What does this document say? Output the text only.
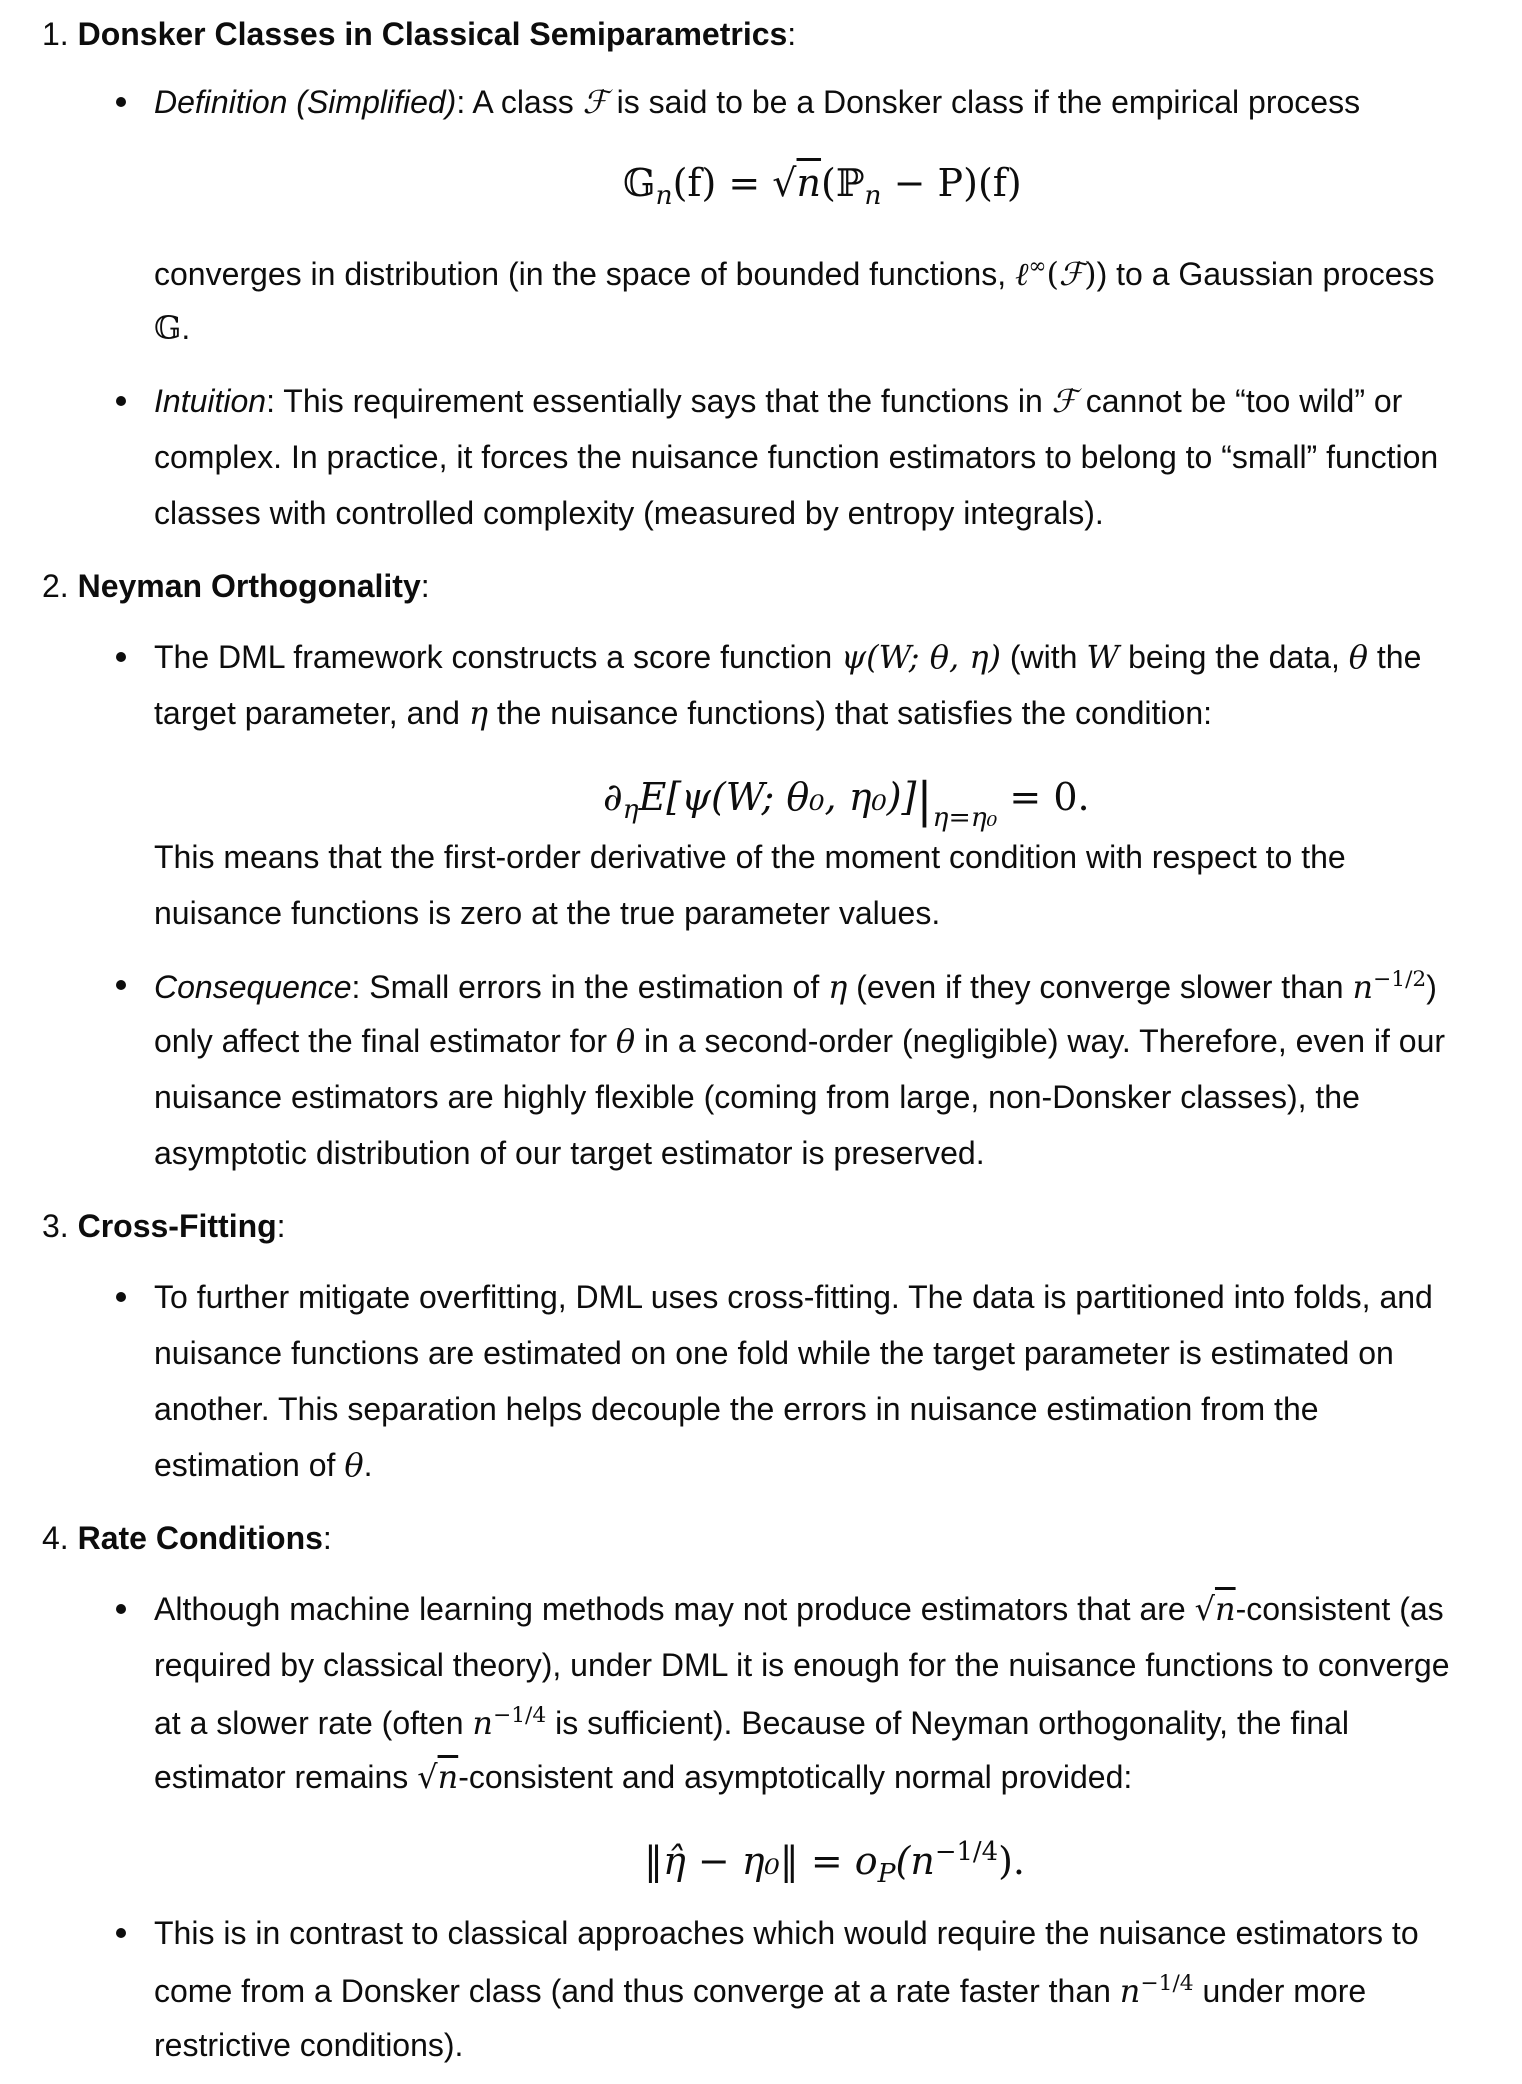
1. Donsker Classes in Classical Semiparametrics:
Definition (Simplified): A class ℱ is said to be a Donsker class if the empirical process
𝔾$_n$(f) = √n(ℙ$_n$ − P)(f)
converges in distribution (in the space of bounded functions, ℓ∞(ℱ)) to a Gaussian process
𝔾.
Intuition: This requirement essentially says that the functions in ℱ cannot be “too wild” or
complex. In practice, it forces the nuisance function estimators to belong to “small” function
classes with controlled complexity (measured by entropy integrals).
2. Neyman Orthogonality:
The DML framework constructs a score function ψ(W; θ, η) (with W being the data, θ the
target parameter, and η the nuisance functions) that satisfies the condition:
$\partial_\eta E[\psi(W$; θ₀, $\eta_0)]|_{\eta=\eta_0} = 0$.
This means that the first-order derivative of the moment condition with respect to the
nuisance functions is zero at the true parameter values.
Consequence: Small errors in the estimation of η (even if they converge slower than $n^{-1/2}$)
only affect the final estimator for θ in a second-order (negligible) way. Therefore, even if our
nuisance estimators are highly flexible (coming from large, non-Donsker classes), the
asymptotic distribution of our target estimator is preserved.
3. Cross-Fitting:
To further mitigate overfitting, DML uses cross-fitting. The data is partitioned into folds, and
nuisance functions are estimated on one fold while the target parameter is estimated on
another. This separation helps decouple the errors in nuisance estimation from the
estimation of θ.
4. Rate Conditions:
Although machine learning methods may not produce estimators that are √n-consistent (as
required by classical theory), under DML it is enough for the nuisance functions to converge
at a slower rate (often $n^{-1/4}$ is sufficient). Because of Neyman orthogonality, the final
estimator remains √n-consistent and asymptotically normal provided:
‖η̂ − η₀‖ = $o_P(n^{-1/4})$.
This is in contrast to classical approaches which would require the nuisance estimators to
come from a Donsker class (and thus converge at a rate faster than $n^{-1/4}$ under more
restrictive conditions).
